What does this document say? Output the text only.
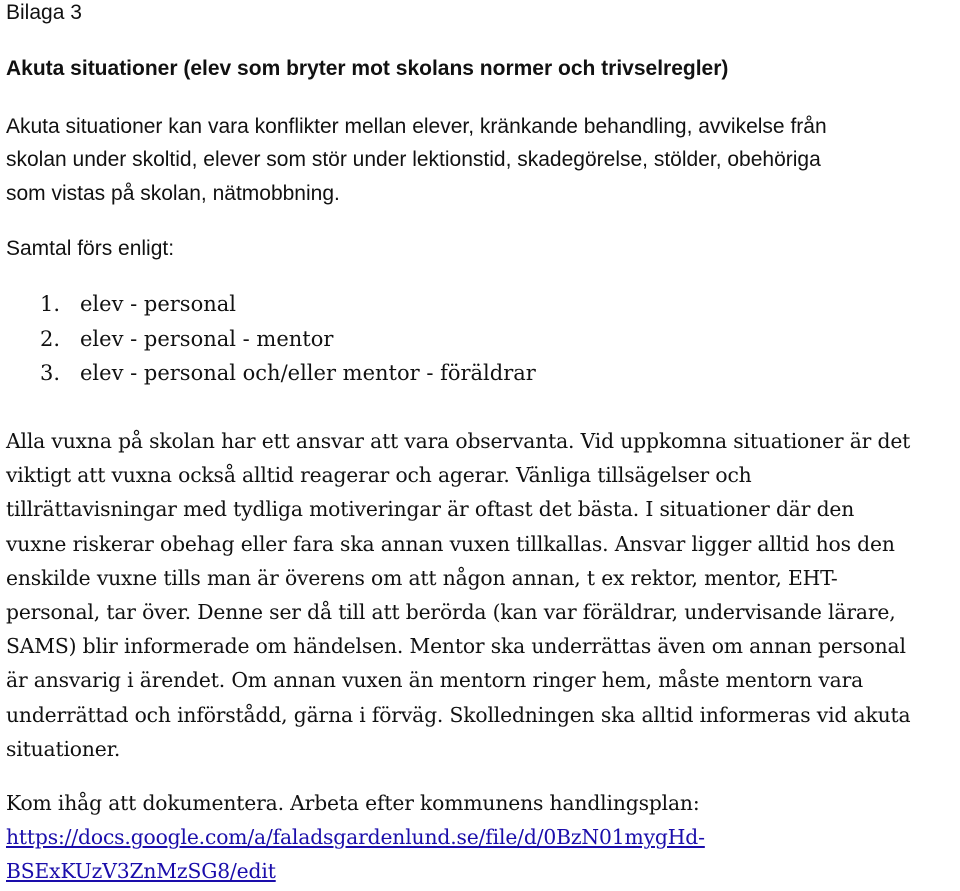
Bilaga 3
Akuta situationer (elev som bryter mot skolans normer och trivselregler)
Akuta situationer kan vara konflikter mellan elever, kränkande behandling, avvikelse från
skolan under skoltid, elever som stör under lektionstid, skadegörelse, stölder, obehöriga
som vistas på skolan, nätmobbning.
Samtal förs enligt:
1. elev - personal
2. elev - personal - mentor
3. elev - personal och/eller mentor - föräldrar
Alla vuxna på skolan har ett ansvar att vara observanta. Vid uppkomna situationer är det
viktigt att vuxna också alltid reagerar och agerar. Vänliga tillsägelser och
tillrättavisningar med tydliga motiveringar är oftast det bästa. I situationer där den
vuxne riskerar obehag eller fara ska annan vuxen tillkallas. Ansvar ligger alltid hos den
enskilde vuxne tills man är överens om att någon annan, t ex rektor, mentor, EHT-
personal, tar över. Denne ser då till att berörda (kan var föräldrar, undervisande lärare,
SAMS) blir informerade om händelsen. Mentor ska underrättas även om annan personal
är ansvarig i ärendet. Om annan vuxen än mentorn ringer hem, måste mentorn vara
underrättad och införstådd, gärna i förväg. Skolledningen ska alltid informeras vid akuta
situationer.
Kom ihåg att dokumentera. Arbeta efter kommunens handlingsplan:
https://docs.google.com/a/faladsgardenlund.se/file/d/0BzN01mygHd-
BSExKUzV3ZnMzSG8/edit
